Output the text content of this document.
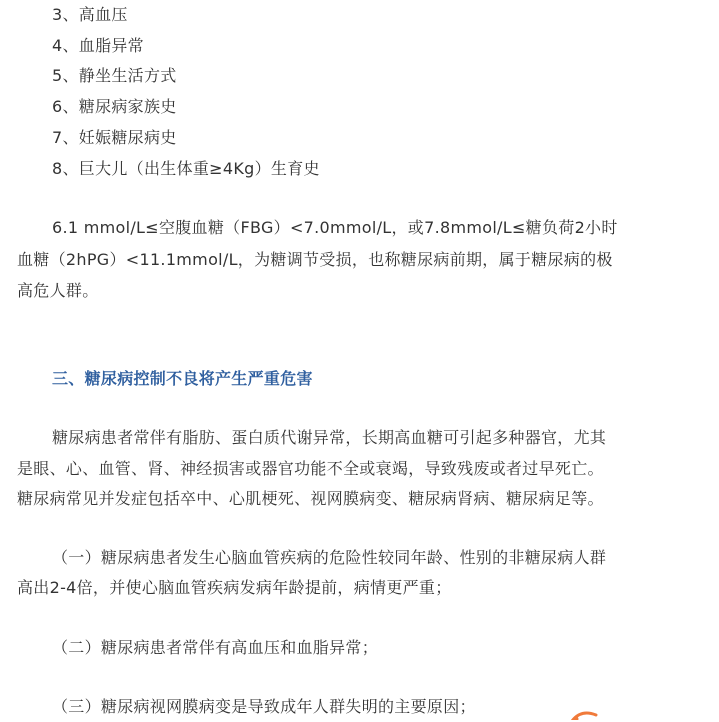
3、高血压
4、血脂异常
5、静坐生活方式
6、糖尿病家族史
7、妊娠糖尿病史
8、巨大儿（出生体重≥4Kg）生育史
6.1 mmol/L≤空腹血糖（FBG）<7.0mmol/L，或7.8mmol/L≤糖负荷2小时
血糖（2hPG）<11.1mmol/L，为糖调节受损，也称糖尿病前期，属于糖尿病的极
高危人群。
三、糖尿病控制不良将产生严重危害
糖尿病患者常伴有脂肪、蛋白质代谢异常，长期高血糖可引起多种器官，尤其
是眼、心、血管、肾、神经损害或器官功能不全或衰竭，导致残废或者过早死亡。
糖尿病常见并发症包括卒中、心肌梗死、视网膜病变、糖尿病肾病、糖尿病足等。
（一）糖尿病患者发生心脑血管疾病的危险性较同年龄、性别的非糖尿病人群
高出2-4倍，并使心脑血管疾病发病年龄提前，病情更严重；
（二）糖尿病患者常伴有高血压和血脂异常；
（三）糖尿病视网膜病变是导致成年人群失明的主要原因；
